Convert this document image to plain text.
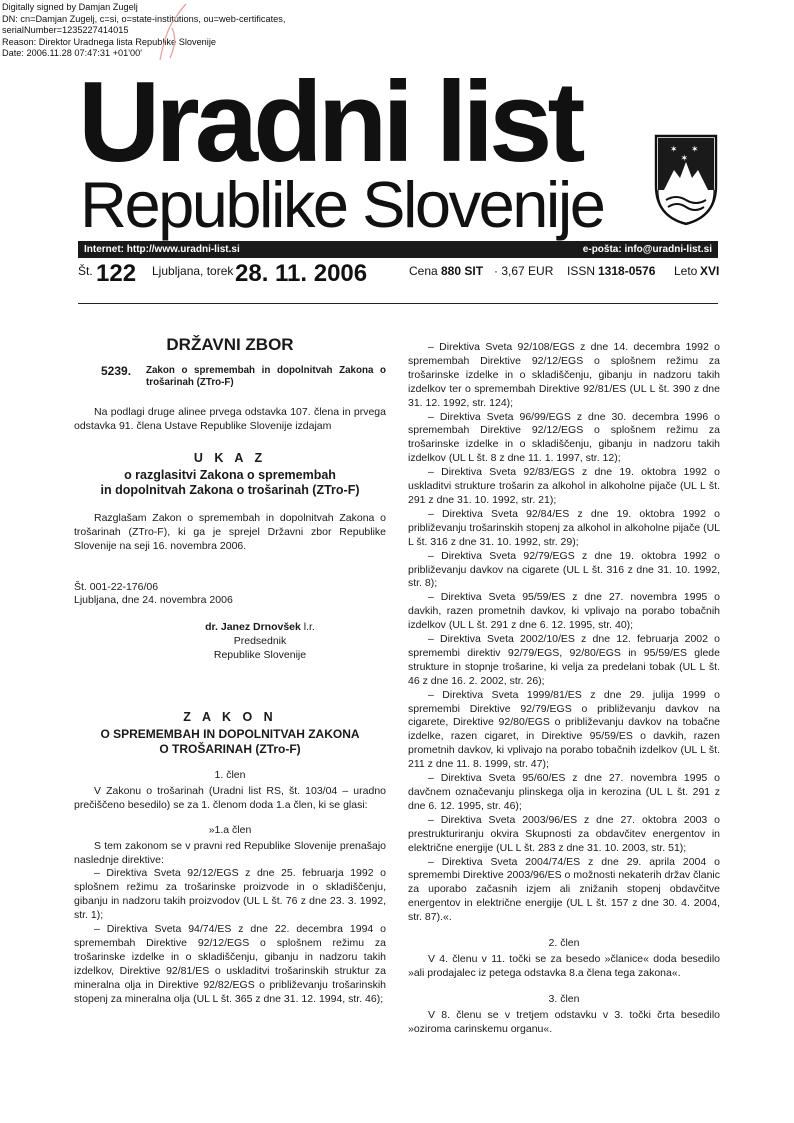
Digitally signed by Damjan Zugelj
DN: cn=Damjan Zugelj, c=si, o=state-institutions, ou=web-certificates,
serialNumber=1235227414015
Reason: Direktor Uradnega lista Republike Slovenije
Date: 2006.11.28 07:47:31 +01'00'
Uradni list
Republike Slovenije
✶ ✶
✶
Internet: http://www.uradni-list.si	e-pošta: info@uradni-list.si
Št. 122 Ljubljana, torek 28. 11. 2006	Cena 880 SIT · 3,67 EUR ISSN 1318-0576 Leto XVI

DRŽAVNI ZBOR

5239.	Zakon o spremembah in dopolnitvah Zakona o trošarinah (ZTro-F)

Na podlagi druge alinee prvega odstavka 107. člena in prvega odstavka 91. člena Ustave Republike Slovenije izdajam

U K A Z

o razglasitvi Zakona o spremembah

in dopolnitvah Zakona o trošarinah (ZTro-F)

Razglašam Zakon o spremembah in dopolnitvah Zakona o trošarinah (ZTro-F), ki ga je sprejel Državni zbor Republike Slovenije na seji 16. novembra 2006.

Št. 001-22-176/06

Ljubljana, dne 24. novembra 2006

dr. Janez Drnovšek l.r.

Predsednik

Republike Slovenije

Z A K O N

O SPREMEMBAH IN DOPOLNITVAH ZAKONA

O TROŠARINAH (ZTro-F)

1. člen

V Zakonu o trošarinah (Uradni list RS, št. 103/04 – uradno prečiščeno besedilo) se za 1. členom doda 1.a člen, ki se glasi:

»1.a člen

S tem zakonom se v pravni red Republike Slovenije prenašajo naslednje direktive:

– Direktiva Sveta 92/12/EGS z dne 25. februarja 1992 o splošnem režimu za trošarinske proizvode in o skladiščenju, gibanju in nadzoru takih proizvodov (UL L št. 76 z dne 23. 3. 1992, str. 1);

– Direktiva Sveta 94/74/ES z dne 22. decembra 1994 o spremembah Direktive 92/12/EGS o splošnem režimu za trošarinske izdelke in o skladiščenju, gibanju in nadzoru takih izdelkov, Direktive 92/81/ES o uskladitvi trošarinskih struktur za mineralna olja in Direktive 92/82/EGS o približevanju trošarinskih stopenj za mineralna olja (UL L št. 365 z dne 31. 12. 1994, str. 46);

– Direktiva Sveta 92/108/EGS z dne 14. decembra 1992 o spremembah Direktive 92/12/EGS o splošnem režimu za trošarinske izdelke in o skladiščenju, gibanju in nadzoru takih izdelkov ter o spremembah Direktive 92/81/ES (UL L št. 390 z dne 31. 12. 1992, str. 124);

– Direktiva Sveta 96/99/EGS z dne 30. decembra 1996 o spremembah Direktive 92/12/EGS o splošnem režimu za trošarinske izdelke in o skladiščenju, gibanju in nadzoru takih izdelkov (UL L št. 8 z dne 11. 1. 1997, str. 12);

– Direktiva Sveta 92/83/EGS z dne 19. oktobra 1992 o uskladitvi strukture trošarin za alkohol in alkoholne pijače (UL L št. 291 z dne 31. 10. 1992, str. 21);

– Direktiva Sveta 92/84/ES z dne 19. oktobra 1992 o približevanju trošarinskih stopenj za alkohol in alkoholne pijače (UL L št. 316 z dne 31. 10. 1992, str. 29);

– Direktiva Sveta 92/79/EGS z dne 19. oktobra 1992 o približevanju davkov na cigarete (UL L št. 316 z dne 31. 10. 1992, str. 8);

– Direktiva Sveta 95/59/ES z dne 27. novembra 1995 o davkih, razen prometnih davkov, ki vplivajo na porabo tobačnih izdelkov (UL L št. 291 z dne 6. 12. 1995, str. 40);

– Direktiva Sveta 2002/10/ES z dne 12. februarja 2002 o spremembi direktiv 92/79/EGS, 92/80/EGS in 95/59/ES glede strukture in stopnje trošarine, ki velja za predelani tobak (UL L št. 46 z dne 16. 2. 2002, str. 26);

– Direktiva Sveta 1999/81/ES z dne 29. julija 1999 o spremembi Direktive 92/79/EGS o približevanju davkov na cigarete, Direktive 92/80/EGS o približevanju davkov na tobačne izdelke, razen cigaret, in Direktive 95/59/ES o davkih, razen prometnih davkov, ki vplivajo na porabo tobačnih izdelkov (UL L št. 211 z dne 11. 8. 1999, str. 47);

– Direktiva Sveta 95/60/ES z dne 27. novembra 1995 o davčnem označevanju plinskega olja in kerozina (UL L št. 291 z dne 6. 12. 1995, str. 46);

– Direktiva Sveta 2003/96/ES z dne 27. oktobra 2003 o prestrukturiranju okvira Skupnosti za obdavčitev energentov in električne energije (UL L št. 283 z dne 31. 10. 2003, str. 51);

– Direktiva Sveta 2004/74/ES z dne 29. aprila 2004 o spremembi Direktive 2003/96/ES o možnosti nekaterih držav članic za uporabo začasnih izjem ali znižanih stopenj obdavčitve energentov in električne energije (UL L št. 157 z dne 30. 4. 2004, str. 87).«.

2. člen

V 4. členu v 11. točki se za besedo »članice« doda besedilo »ali prodajalec iz petega odstavka 8.a člena tega zakona«.

3. člen

V 8. členu se v tretjem odstavku v 3. točki črta besedilo »oziroma carinskemu organu«.
